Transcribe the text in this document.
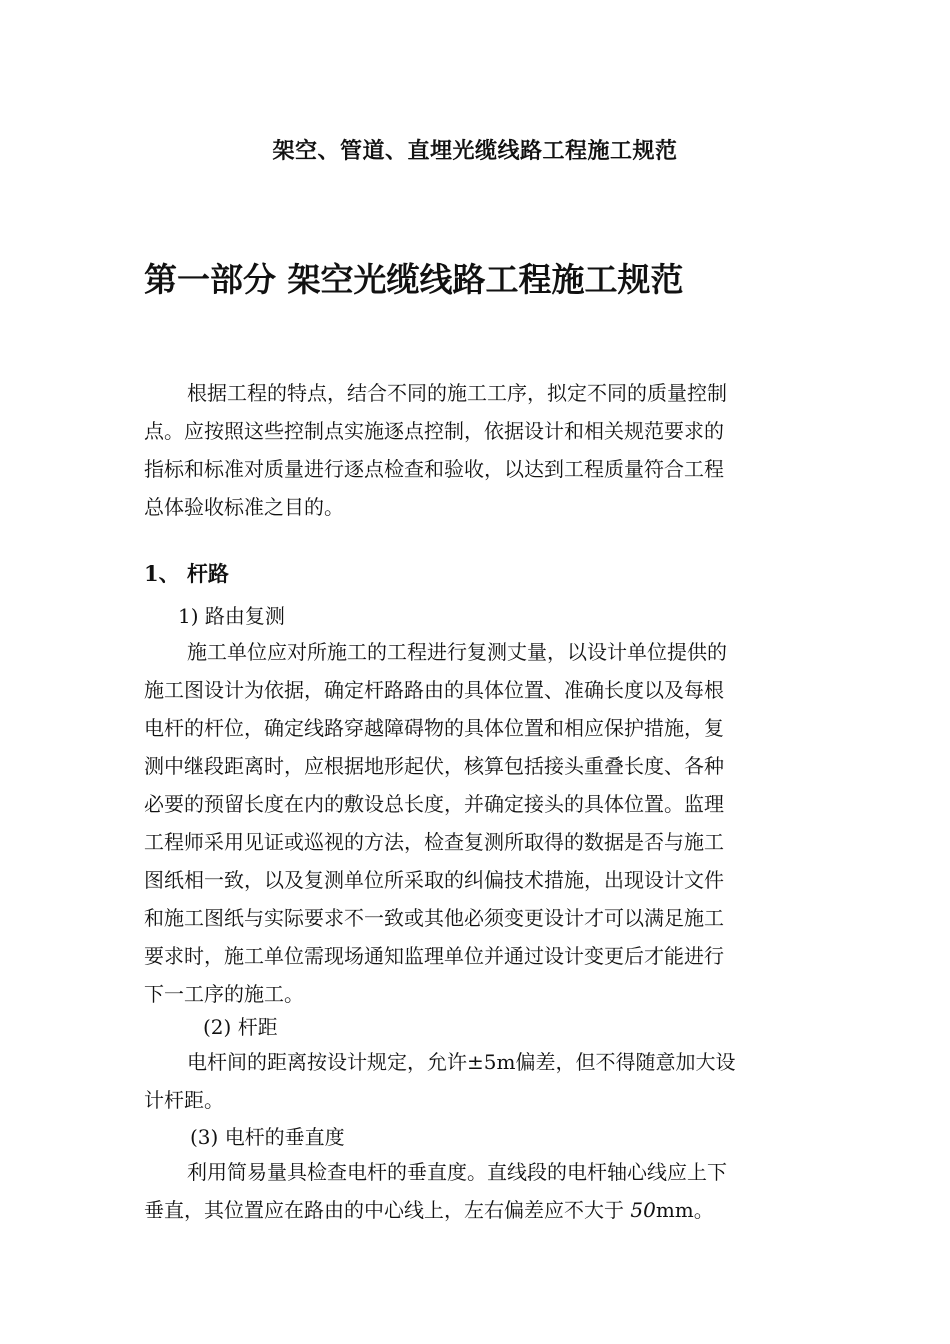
架空、管道、直埋光缆线路工程施工规范
第一部分 架空光缆线路工程施工规范
根据工程的特点，结合不同的施工工序，拟定不同的质量控制
点。应按照这些控制点实施逐点控制，依据设计和相关规范要求的
指标和标准对质量进行逐点检查和验收，以达到工程质量符合工程
总体验收标准之目的。
1、 杆路
1) 路由复测
施工单位应对所施工的工程进行复测丈量，以设计单位提供的
施工图设计为依据，确定杆路路由的具体位置、准确长度以及每根
电杆的杆位，确定线路穿越障碍物的具体位置和相应保护措施，复
测中继段距离时，应根据地形起伏，核算包括接头重叠长度、各种
必要的预留长度在内的敷设总长度，并确定接头的具体位置。监理
工程师采用见证或巡视的方法，检查复测所取得的数据是否与施工
图纸相一致，以及复测单位所采取的纠偏技术措施，出现设计文件
和施工图纸与实际要求不一致或其他必须变更设计才可以满足施工
要求时，施工单位需现场通知监理单位并通过设计变更后才能进行
下一工序的施工。
(2) 杆距
电杆间的距离按设计规定，允许±5m偏差，但不得随意加大设
计杆距。
(3) 电杆的垂直度
利用简易量具检查电杆的垂直度。直线段的电杆轴心线应上下
垂直，其位置应在路由的中心线上，左右偏差应不大于 50mm。
